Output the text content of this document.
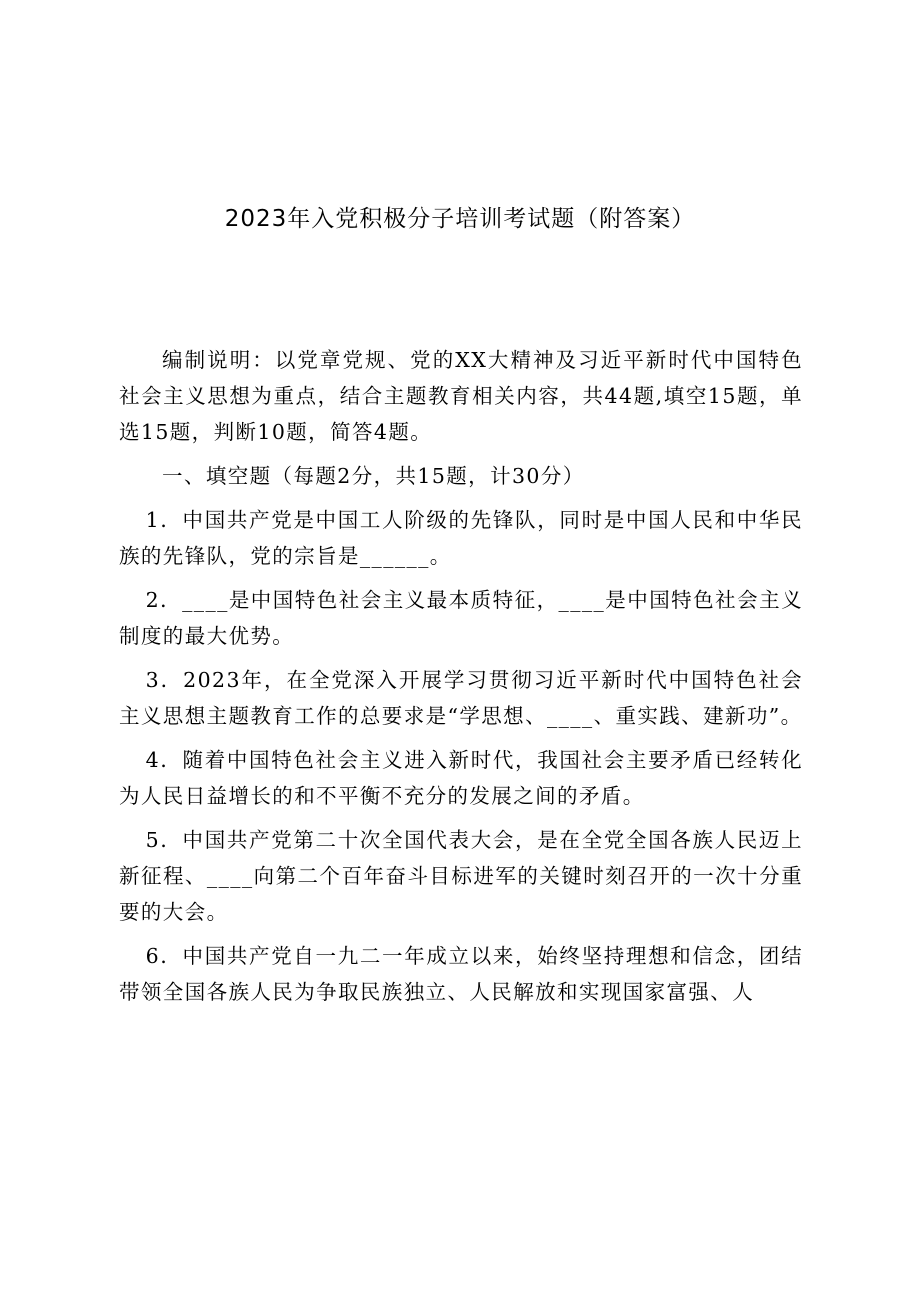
2023年入党积极分子培训考试题（附答案）

编制说明：以党章党规、党的XX大精神及习近平新时代中国特色社会主义思想为重点，结合主题教育相关内容，共44题,填空15题，单选15题，判断10题，简答4题。

一、填空题（每题2分，共15题，计30分）

1．中国共产党是中国工人阶级的先锋队，同时是中国人民和中华民族的先锋队，党的宗旨是______。

2．____是中国特色社会主义最本质特征，____是中国特色社会主义制度的最大优势。

3．2023年，在全党深入开展学习贯彻习近平新时代中国特色社会主义思想主题教育工作的总要求是“学思想、____、重实践、建新功”。

4．随着中国特色社会主义进入新时代，我国社会主要矛盾已经转化为人民日益增长的和不平衡不充分的发展之间的矛盾。

5．中国共产党第二十次全国代表大会，是在全党全国各族人民迈上新征程、____向第二个百年奋斗目标进军的关键时刻召开的一次十分重要的大会。

6．中国共产党自一九二一年成立以来，始终坚持理想和信念，团结带领全国各族人民为争取民族独立、人民解放和实现国家富强、人
